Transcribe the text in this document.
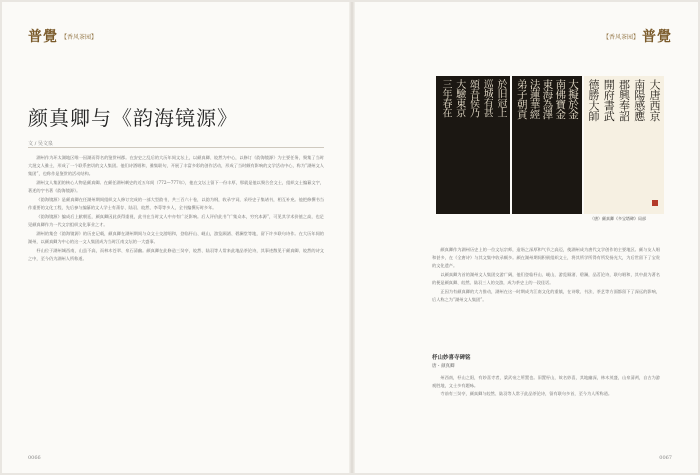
普覺 【香风茶园】
颜真卿与《韵海镜源》
文 / 吴文泉

湖州作为环太湖地区唯一因湖而得名的鉴赏州郡。在安史之乱后的大历年间文坛上，以颜真卿、皎然为中心，以修订《韵海镜源》为主要任务，聚集了当时大批文人雅士，形成了一个联系密切的文人集团。他们诗酒唱和，雅集联句，开展了丰富多彩的创作活动，形成了当时颇有影响的文学活动中心，称为“湖州文人集团”，也称作是鉴赏的活动结构。

湖州文人集团的核心人物是颜真卿。在颜任湖州刺史的近五年间（772—777年），他在文坛上留下一份丰厚，那就是他以聚合会文士，组织文士编纂文字，著述的字书著《韵海镜源》。

《韵海镜源》是颜真卿在任湖州期间组织文人修订完成的一部大型韵书，共三百六十卷，以韵为纲，收录字词，采经史子集诸书，相互补充。他把修撰书当作重要的文化工程，先后参与编纂的文人学士有萧存、陆羽、皎然、李萼等多人，全书编撰历时多年。

《韵海镜源》编成后上献朝廷，颜真卿因此获得重视，此书在当时文人中亦有广泛影响。后人评价此书“广集众本，穷究本源”，可见其学术价值之高，也足见颜真卿作为一代文宗组织文化事业之才。

湖州的集会《韵海镜源》的历史记载，颜真卿在湖州期间与众文士交游唱和，登临杼山、岘山，游览顾渚、碧澜堂等地，留下许多联句诗作。在大历年间的湖州，以颜真卿为中心的这一文人集团成为当时江南文坛的一大盛事。

杼山位于湖州城西南，山虽不高，而林木苍翠、泉石清幽。颜真卿在此修造三癸亭，皎然、陆羽等人常来此地品茶论诗，其事迹散见于颜真卿、皎然的诗文之中，至今仍为湖州人所称道。

0066
【香风茶园】 普覺
於旧冠上
巡城有甚
頌吾侯乃
大驗東京
三年春在	大擬於金
南佛寶金
東海為澤
法蓮華經
弟子朝貢	大唐西京
南陽感應
郡興奉詔
開府書武
德勝大師
（唐）颜真卿《多宝塔碑》局部

颜真卿作为湖州历史上的一位文坛宗师，造诣之深厚和气节之高迈，使湖州成为唐代文学创作的主要地区。颜与友人唱和甚多，在《全唐诗》与其文集中收录颇多。颜在湖州期间积极组织文士，将其所学所得有所发扬光大，为后世留下了宝贵的文化遗产。

以颜真卿为首的湖州文人集团交游广阔，他们登临杼山、岘山，游览顾渚、碧澜，品茗论诗，联句唱和，其中最为著名的便是颜真卿、皎然、陆羽三人的交游，成为茶史上的一段佳话。

正因为有颜真卿的大力推动，湖州在这一时期成为江南文化的重镇，在诗歌、书法、茶艺等方面都留下了深远的影响，后人称之为“湖州文人集团”。

杼山妙喜寺碑铭
唐・颜真卿

州西南，杼山之阳，有妙喜寺者，梁武帝之所置也。旧置杼山，故名妙喜，其地幽深，林木茂盛，山泉清冽，自古为游观胜地，文士多有题咏。

寺前有三癸亭，颜真卿与皎然、陆羽等人常于此品茶论诗，留有联句多首，至今为人所称道。

0067
